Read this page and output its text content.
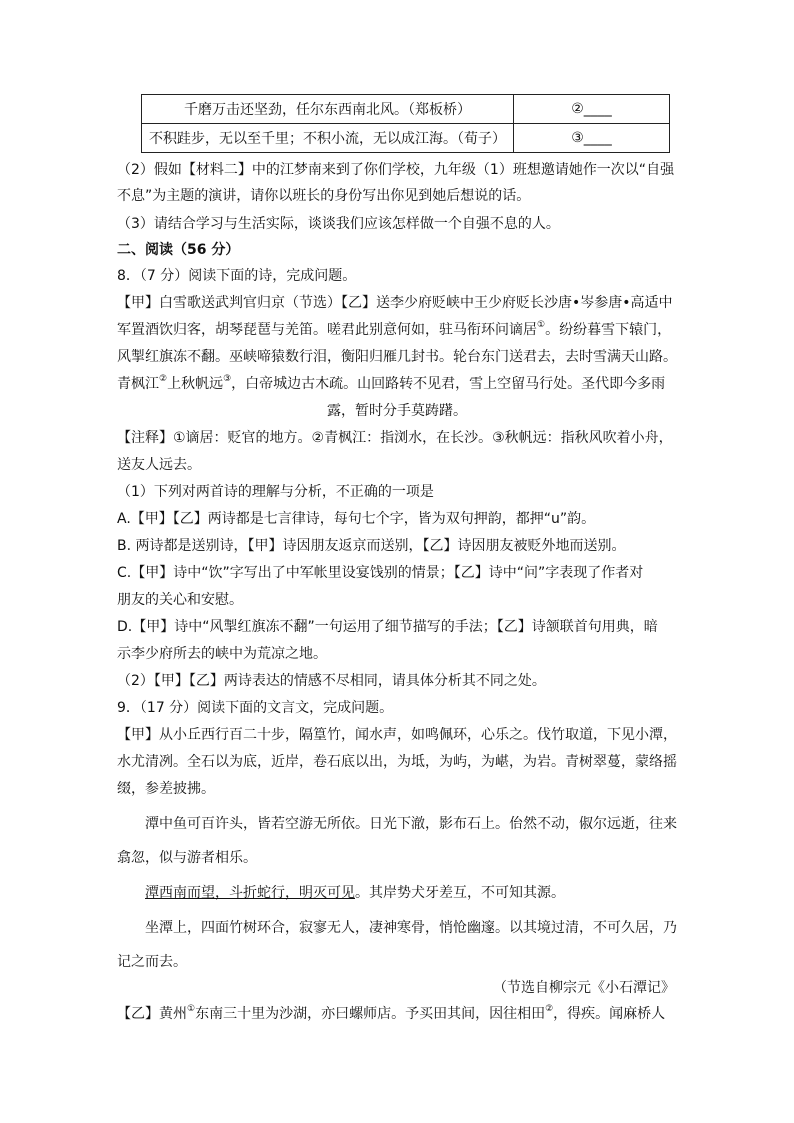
千磨万击还坚劲，任尔东西南北风。（郑板桥）	②____
不积跬步，无以至千里；不积小流，无以成江海。（荀子）	③____
（2）假如【材料二】中的江梦南来到了你们学校，九年级（1）班想邀请她作一次以“自强
不息”为主题的演讲，请你以班长的身份写出你见到她后想说的话。
（3）请结合学习与生活实际，谈谈我们应该怎样做一个自强不息的人。
二、阅读（56 分）
8．（7 分）阅读下面的诗，完成问题。
【甲】白雪歌送武判官归京（节选）【乙】送李少府贬峡中王少府贬长沙唐•岑参唐•高适中
军置酒饮归客，胡琴琵琶与羌笛。嗟君此别意何如，驻马衔环问谪居①。纷纷暮雪下辕门，
风掣红旗冻不翻。巫峡啼猿数行泪，衡阳归雁几封书。轮台东门送君去，去时雪满天山路。
青枫江②上秋帆远③，白帝城边古木疏。山回路转不见君，雪上空留马行处。圣代即今多雨
露，暂时分手莫踌躇。
【注释】①谪居：贬官的地方。②青枫江：指浏水，在长沙。③秋帆远：指秋风吹着小舟，
送友人远去。
（1）下列对两首诗的理解与分析，不正确的一项是
A.【甲】【乙】两诗都是七言律诗，每句七个字，皆为双句押韵，都押“u”韵。
B. 两诗都是送别诗，【甲】诗因朋友返京而送别，【乙】诗因朋友被贬外地而送别。
C.【甲】诗中“饮”字写出了中军帐里设宴饯别的情景；【乙】诗中“问”字表现了作者对
朋友的关心和安慰。
D.【甲】诗中“风掣红旗冻不翻”一句运用了细节描写的手法；【乙】诗颔联首句用典，暗
示李少府所去的峡中为荒凉之地。
（2）【甲】【乙】两诗表达的情感不尽相同，请具体分析其不同之处。
9．（17 分）阅读下面的文言文，完成问题。
【甲】从小丘西行百二十步，隔篁竹，闻水声，如鸣佩环，心乐之。伐竹取道，下见小潭，
水尤清冽。全石以为底，近岸，卷石底以出，为坻，为屿，为嵁，为岩。青树翠蔓，蒙络摇
缀，参差披拂。
潭中鱼可百许头，皆若空游无所依。日光下澈，影布石上。佁然不动，俶尔远逝，往来
翕忽，似与游者相乐。
潭西南而望，斗折蛇行，明灭可见。其岸势犬牙差互，不可知其源。
坐潭上，四面竹树环合，寂寥无人，凄神寒骨，悄怆幽邃。以其境过清，不可久居，乃
记之而去。
（节选自柳宗元《小石潭记》
【乙】黄州①东南三十里为沙湖，亦曰螺师店。予买田其间，因往相田②，得疾。闻麻桥人
